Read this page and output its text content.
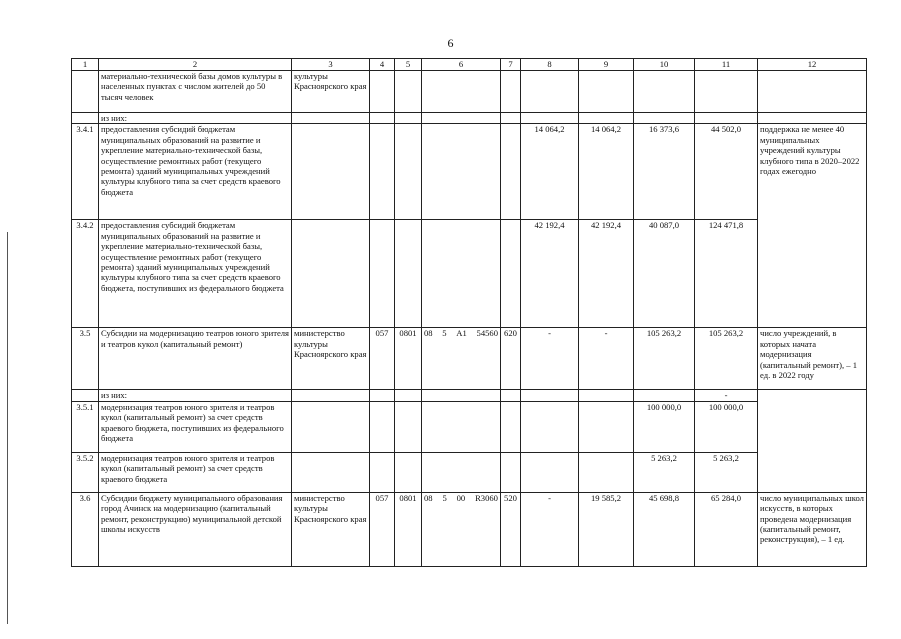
6
1	2	3	4	5	6	7	8	9	10	11	12
	материально-технической базы домов культуры в населенных пунктах с числом жителей до 50 тысяч человек	культуры Красноярского края									
	из них:										
3.4.1	предоставления субсидий бюджетам муниципальных образований на развитие и укрепление материально-технической базы, осуществление ремонтных работ (текущего ремонта) зданий муниципальных учреждений культуры клубного типа за счет средств краевого бюджета						14 064,2	14 064,2	16 373,6	44 502,0	поддержка не менее 40 муниципальных учреждений культуры клубного типа в 2020–2022 годах ежегодно
3.4.2	предоставления субсидий бюджетам муниципальных образований на развитие и укрепление материально-технической базы, осуществление ремонтных работ (текущего ремонта) зданий муниципальных учреждений культуры клубного типа за счет средств краевого бюджета, поступивших из федерального бюджета						42 192,4	42 192,4	40 087,0	124 471,8	
3.5	Субсидии на модернизацию театров юного зрителя и театров кукол (капитальный ремонт)	министерство культуры Красноярского края	057	0801	08 5 А1 54560	620	-	-	105 263,2	105 263,2	число учреждений, в которых начата модернизация (капитальный ремонт), – 1 ед. в 2022 году
	из них:									-	
3.5.1	модернизация театров юного зрителя и театров кукол (капитальный ремонт) за счет средств краевого бюджета, поступивших из федерального бюджета								100 000,0	100 000,0	
3.5.2	модернизация театров юного зрителя и театров кукол (капитальный ремонт) за счет средств краевого бюджета								5 263,2	5 263,2	
3.6	Субсидии бюджету муниципального образования город Ачинск на модернизацию (капитальный ремонт, реконструкцию) муниципальной детской школы искусств	министерство культуры Красноярского края	057	0801	08 5 00 R3060	520	-	19 585,2	45 698,8	65 284,0	число муниципальных школ искусств, в которых проведена модернизация (капитальный ремонт, реконструкция), – 1 ед.
